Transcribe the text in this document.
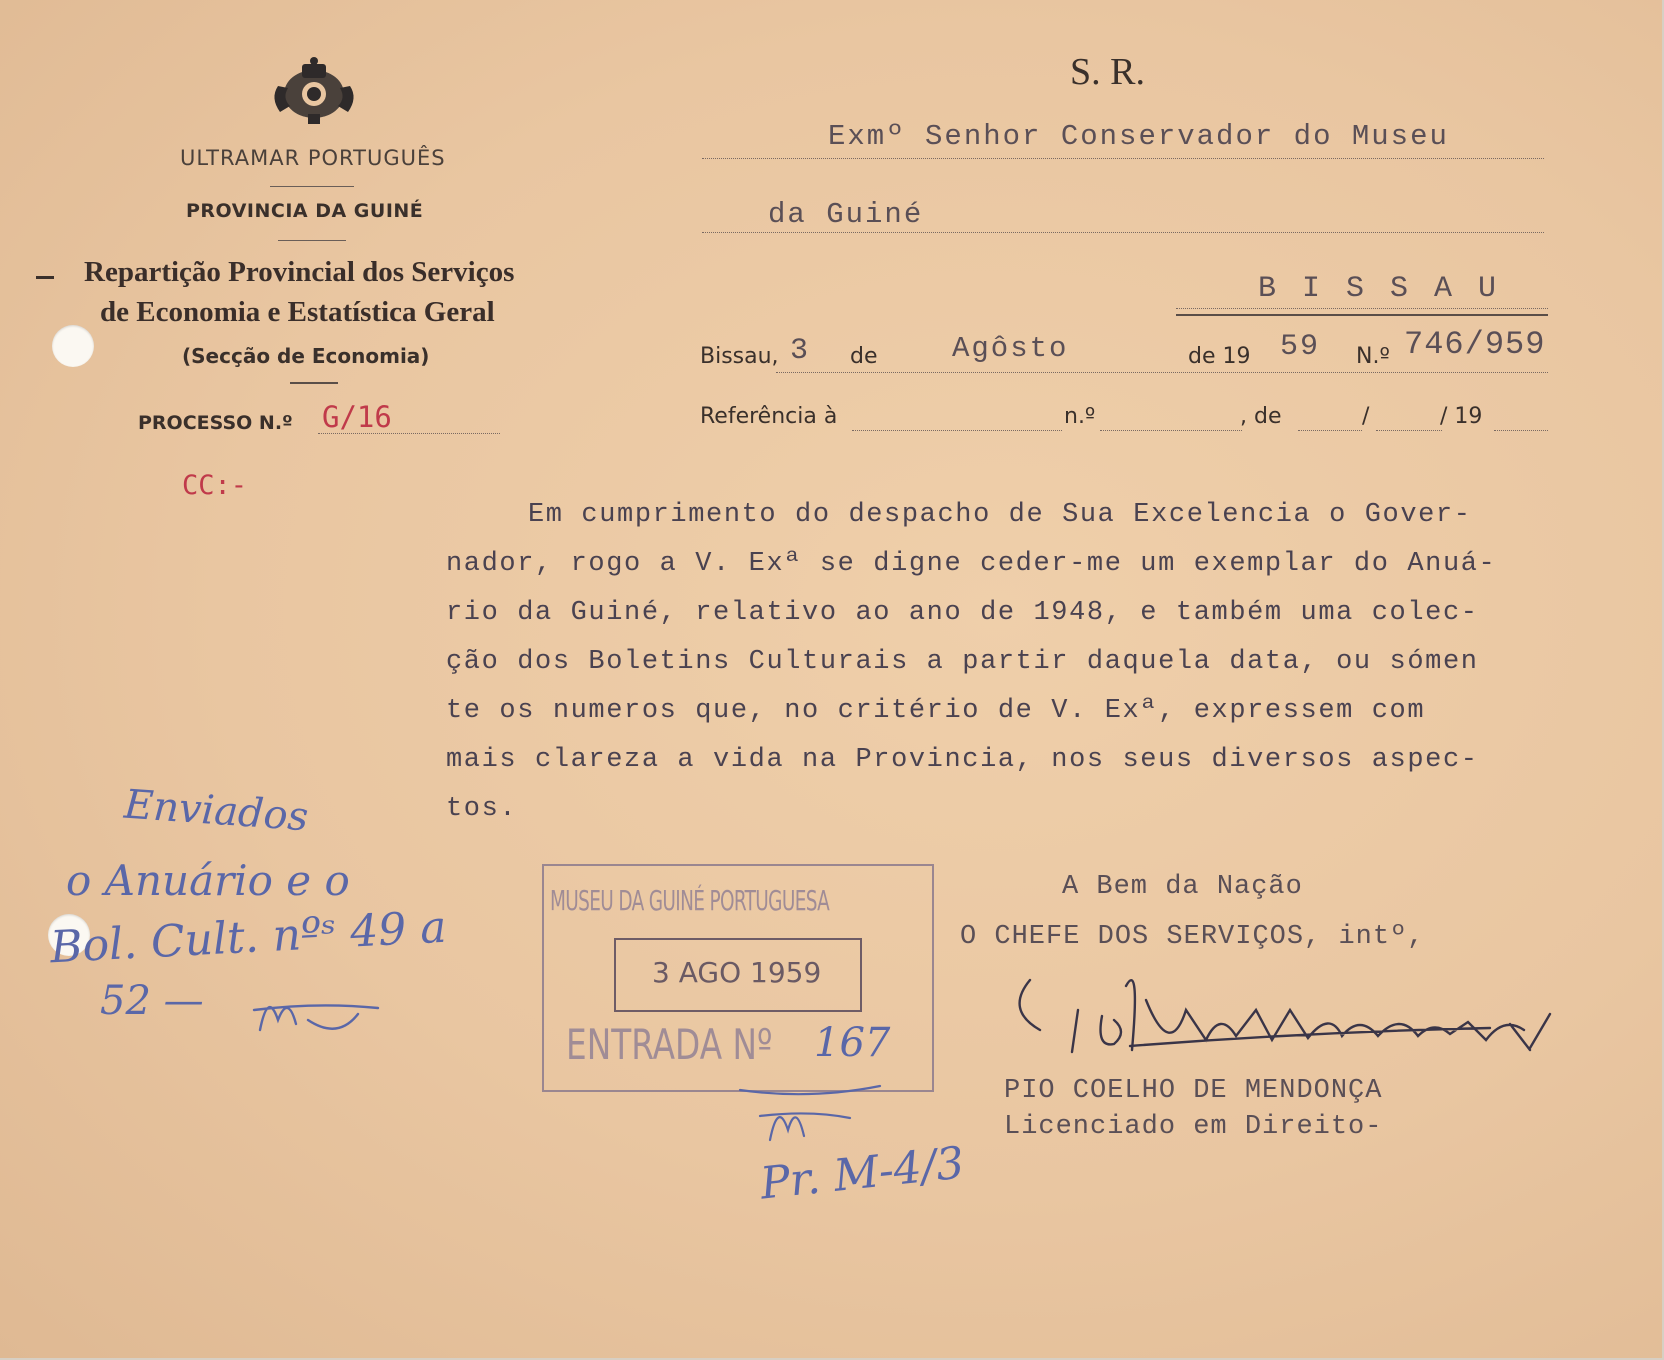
ULTRAMAR PORTUGUÊS
PROVINCIA DA GUINÉ
Repartição Provincial dos Serviços
de Economia e Estatística Geral
(Secção de Economia)
PROCESSO N.º G/16
CC:-
S. R.
Exmº Senhor Conservador do Museu
da Guiné
B I S S A U
Bissau, 3 de	Agôsto	de 19 59 N.º 746/959
Referência à	n.º	, de	/	/ 19
Em cumprimento do despacho de Sua Excelencia o Gover-
nador, rogo a V. Exª se digne ceder-me um exemplar do Anuá-
rio da Guiné, relativo ao ano de 1948, e também uma colec-
ção dos Boletins Culturais a partir daquela data, ou sómen
te os numeros que, no critério de V. Exª, expressem com
mais clareza a vida na Provincia, nos seus diversos aspec-
tos.
A Bem da Nação
O CHEFE DOS SERVIÇOS, intº,
PIO COELHO DE MENDONÇA
Licenciado em Direito-
MUSEU DA GUINÉ PORTUGUESA
3 AGO 1959
ENTRADA Nº 167
Enviados
o Anuário e o
Bol. Cult. nºˢ 49 a
52 —
Pr. M-4/3
